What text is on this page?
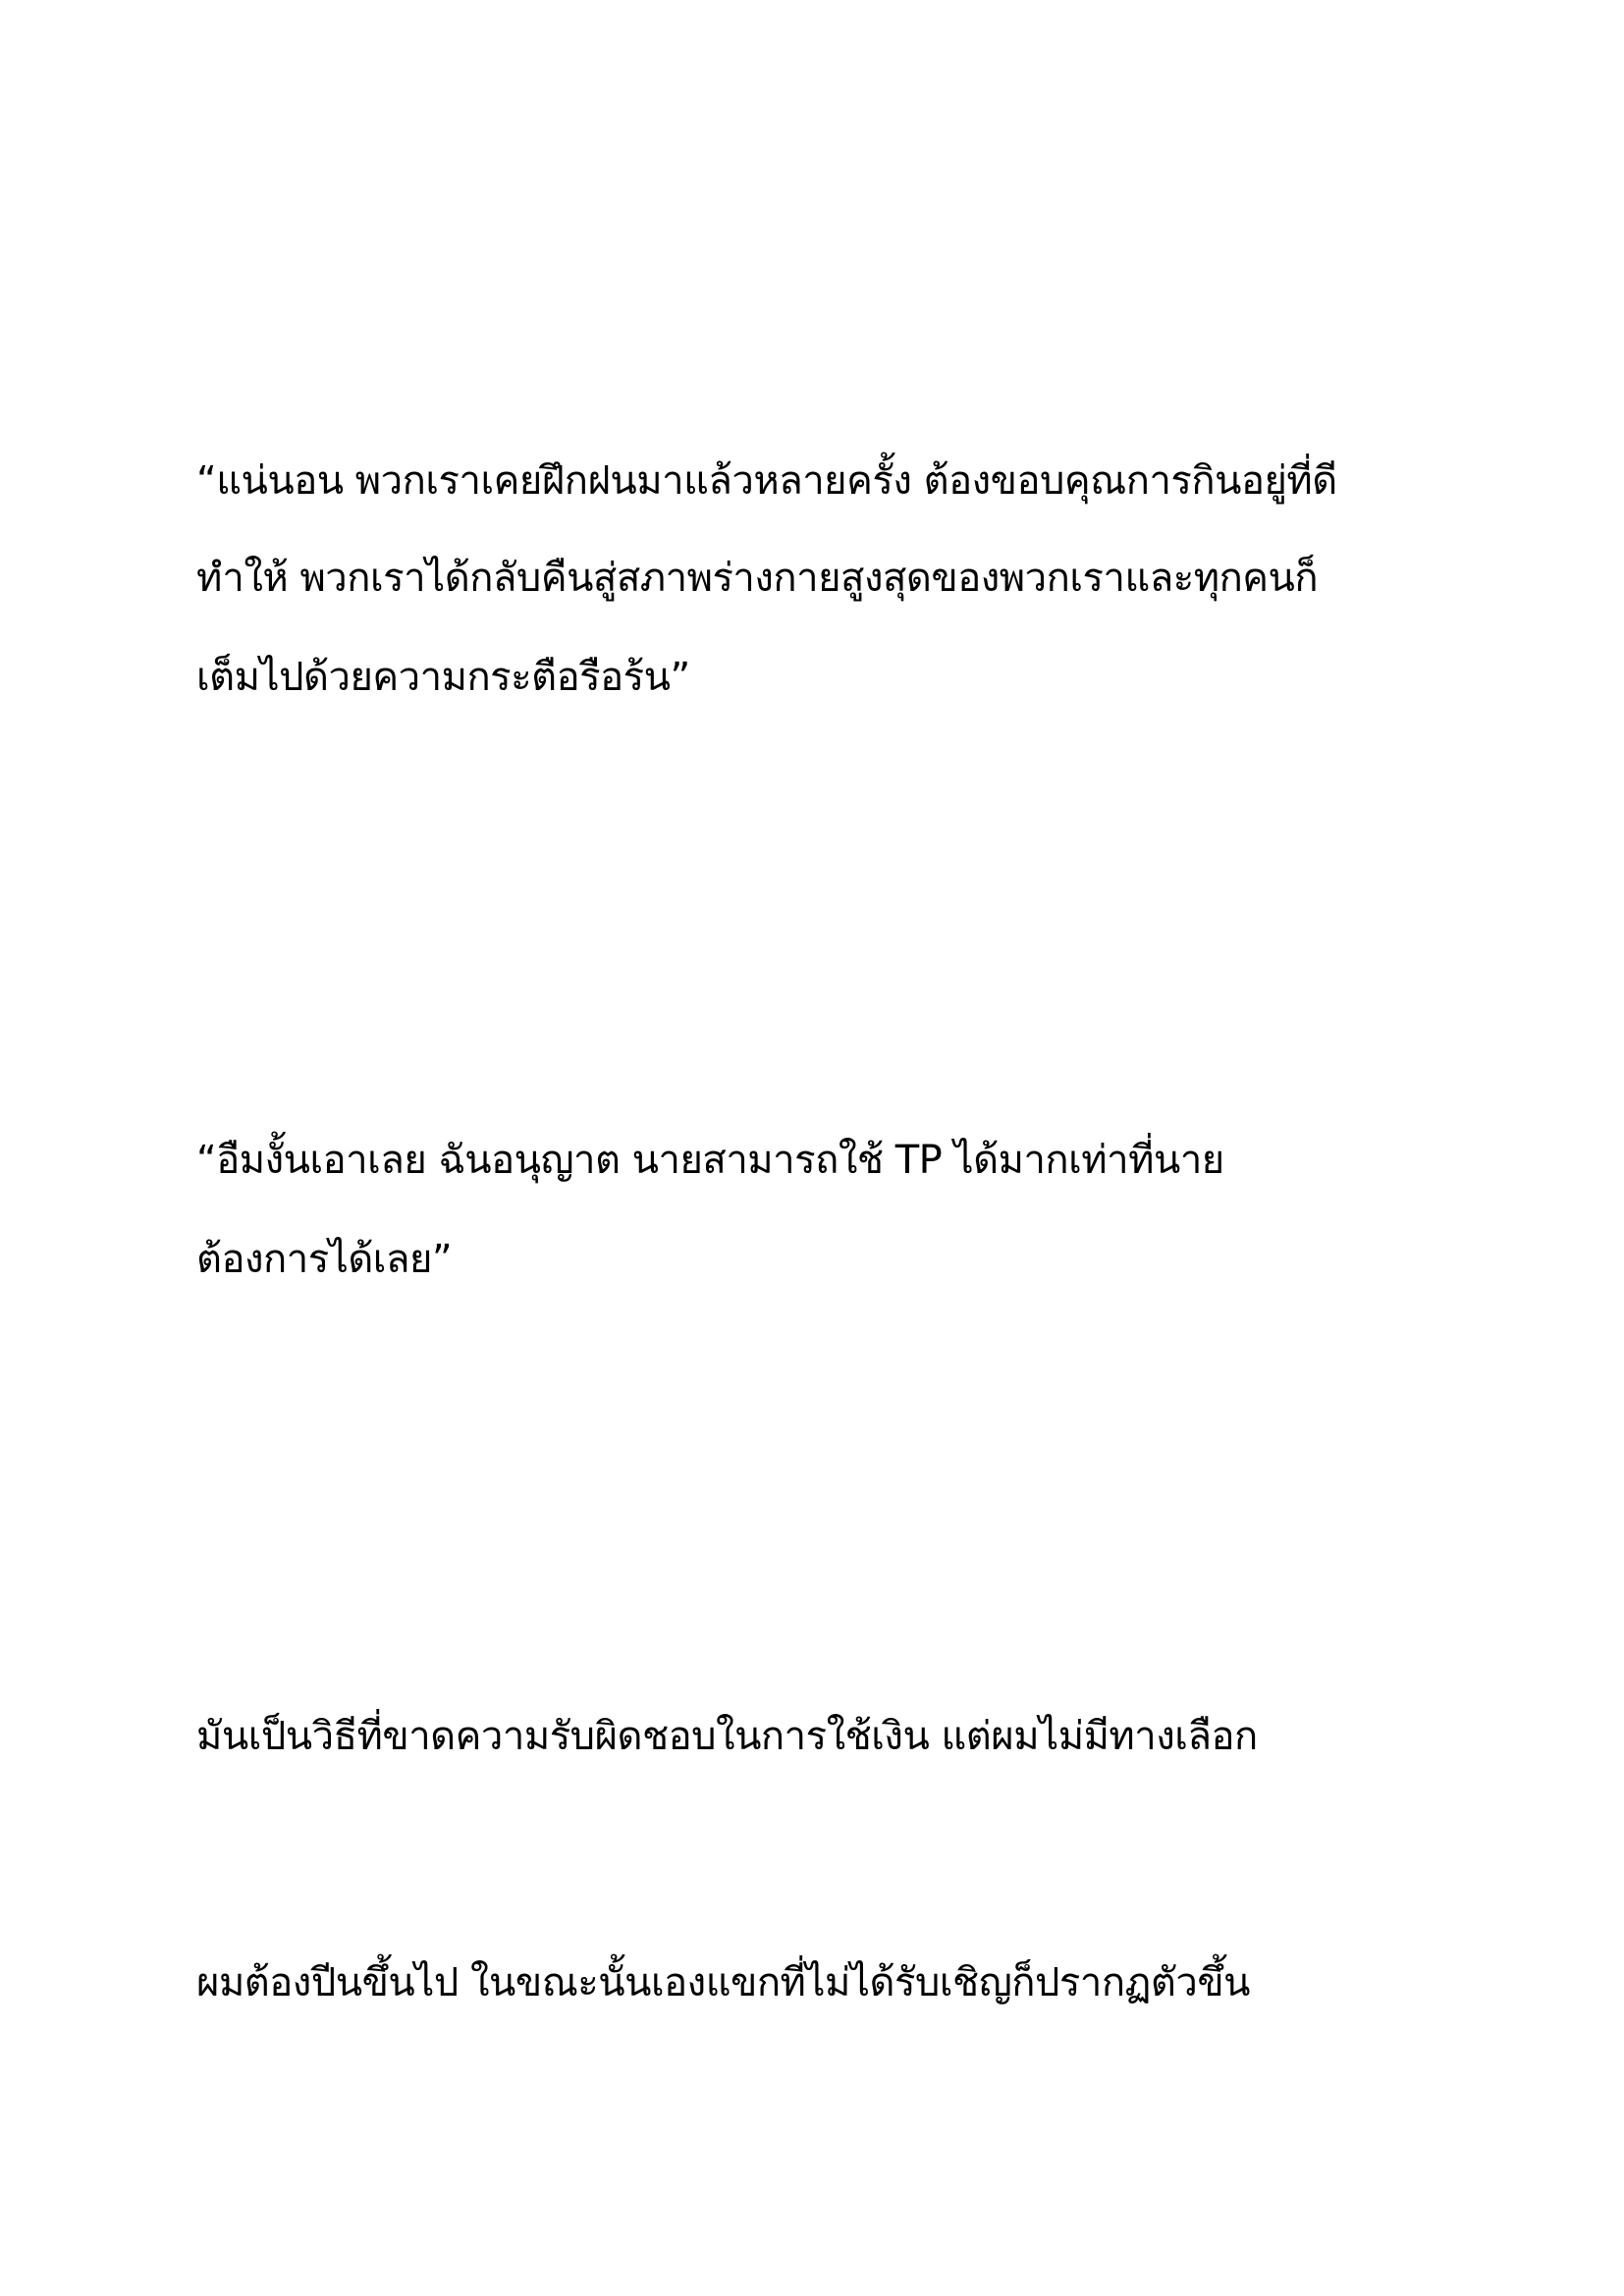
“แน่นอน พวกเราเคยฝึกฝนมาแล้วหลายครั้ง ต้องขอบคุณการกินอยู่ที่ดี
ทำให้ พวกเราได้กลับคืนสู่สภาพร่างกายสูงสุดของพวกเราและทุกคนก็
เต็มไปด้วยความกระตือรือร้น”
“อืมงั้นเอาเลย ฉันอนุญาต นายสามารถใช้ TP ได้มากเท่าที่นาย
ต้องการได้เลย”
มันเป็นวิธีที่ขาดความรับผิดชอบในการใช้เงิน แต่ผมไม่มีทางเลือก
ผมต้องปีนขึ้นไป ในขณะนั้นเองแขกที่ไม่ได้รับเชิญก็ปรากฏตัวขึ้น
